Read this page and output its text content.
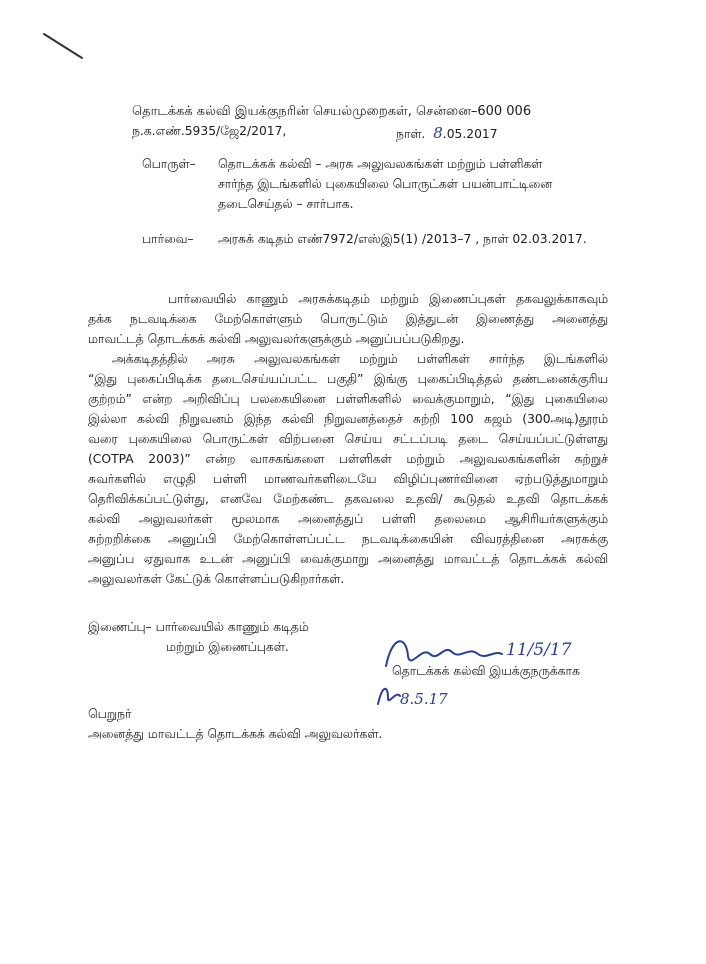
தொடக்கக் கல்வி இயக்குநரின் செயல்முறைகள், சென்னை–600 006
ந.க.எண்.5935/ஜே2/2017,	நாள். 8.05.2017
பொருள்– தொடக்கக் கல்வி – அரசு அலுவலகங்கள் மற்றும் பள்ளிகள்
சார்ந்த இடங்களில் புகையிலை பொருட்கள் பயன்பாட்டினை
தடைசெய்தல் – சார்பாக.
பார்வை– அரசுக் கடிதம் எண்7972/எஸ்இ5(1) /2013–7 , நாள் 02.03.2017.
பார்வையில் காணும் அரசுக்கடிதம் மற்றும் இணைப்புகள் தகவலுக்காகவும்
தக்க நடவடிக்கை மேற்கொள்ளும் பொருட்டும் இத்துடன் இணைத்து அனைத்து
மாவட்டத் தொடக்கக் கல்வி அலுவலர்களுக்கும் அனுப்பப்படுகிறது.
அக்கடிதத்தில் அரசு அலுவலகங்கள் மற்றும் பள்ளிகள் சார்ந்த இடங்களில்
“இது புகைப்பிடிக்க தடைசெய்யப்பட்ட பகுதி” இங்கு புகைப்பிடித்தல் தண்டனைக்குரிய
குற்றம்” என்ற அறிவிப்பு பலகையினை பள்ளிகளில் வைக்குமாறும், “இது புகையிலை
இல்லா கல்வி நிறுவனம் இந்த கல்வி நிறுவனத்தைச் சுற்றி 100 கஜம் (300அடி)தூரம்
வரை புகையிலை பொருட்கள் விற்பனை செய்ய சட்டப்படி தடை செய்யப்பட்டுள்ளது
(COTPA 2003)” என்ற வாசகங்களை பள்ளிகள் மற்றும் அலுவலகங்களின் சுற்றுச்
சுவர்களில் எழுதி பள்ளி மாணவர்களிடையே விழிப்புணர்வினை ஏற்படுத்துமாறும்
தெரிவிக்கப்பட்டுள்து, எனவே மேற்கண்ட தகவலை உதவி/ கூடுதல் உதவி தொடக்கக்
கல்வி அலுவலர்கள் மூலமாக அனைத்துப் பள்ளி தலைமை ஆசிரியர்களுக்கும்
சுற்றறிக்கை அனுப்பி மேற்கொள்ளப்பட்ட நடவடிக்கையின் விவரத்தினை அரசுக்கு
அனுப்ப ஏதுவாக உடன் அனுப்பி வைக்குமாறு அனைத்து மாவட்டத் தொடக்கக் கல்வி
அலுவலர்கள் கேட்டுக் கொள்ளப்படுகிறார்கள்.
இணைப்பு– பார்வையில் காணும் கடிதம்
மற்றும் இணைப்புகள்.	11/5/17
தொடக்கக் கல்வி இயக்குநருக்காக
8.5.17
பெறுநர்
அனைத்து மாவட்டத் தொடக்கக் கல்வி அலுவலர்கள்.
